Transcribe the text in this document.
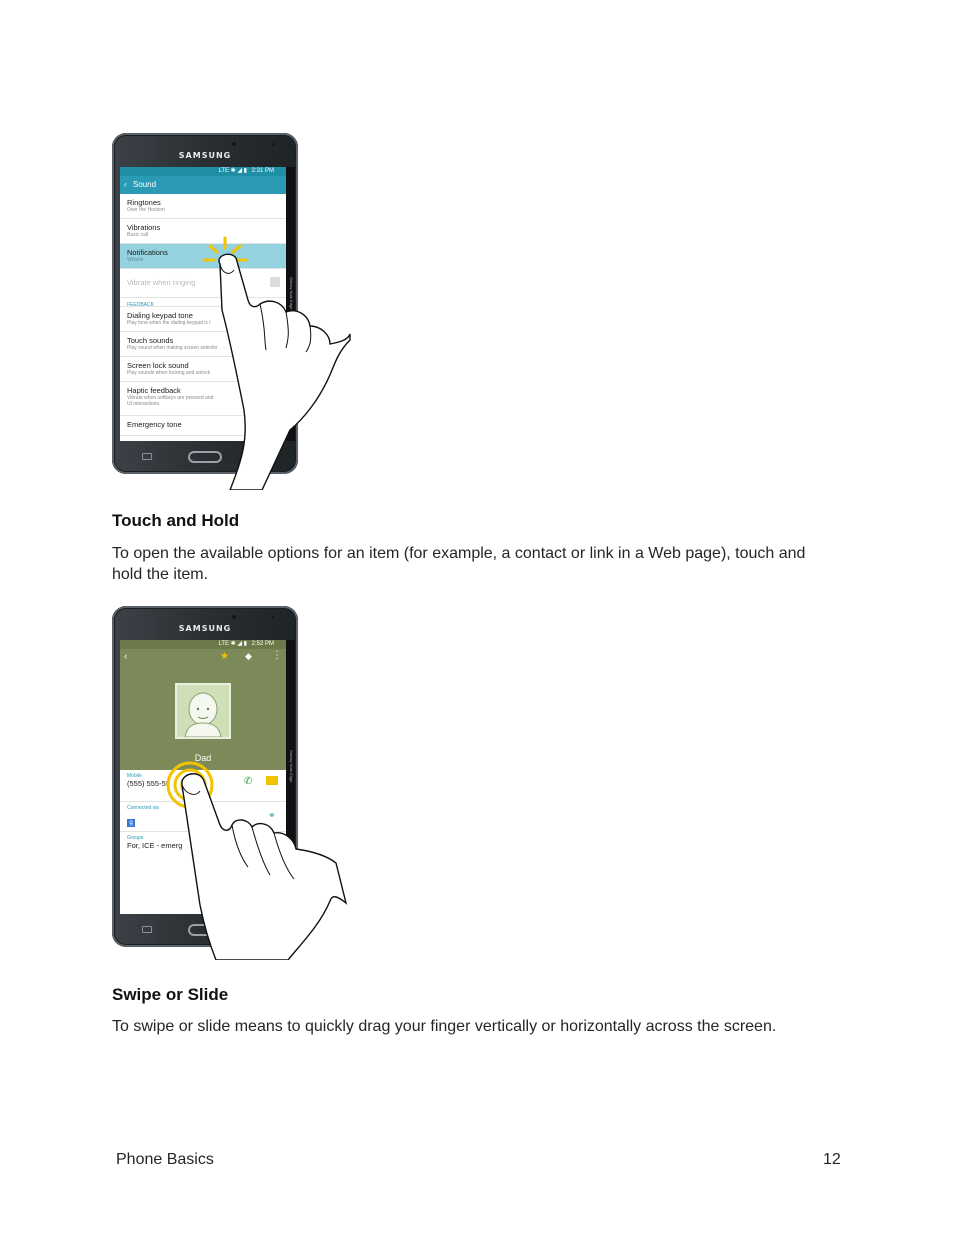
SAMSUNG
LTE ✱ ◢ ▮ 2:31 PM
‹ Sound
Ringtones
Over the Horizon
Vibrations
Basic call
Notifications
Whistle
Vibrate when ringing
FEEDBACK
Dialing keypad tone
Play tone when the dialing keypad is t
Touch sounds
Play sound when making screen selectio
Screen lock sound
Play sounds when locking and unlock
Haptic feedback
Vibrate when softkeys are pressed and
UI interactions.
Emergency tone
Galaxy Note Edge
Touch and Hold

To open the available options for an item (for example, a contact or link in a Web page), touch and hold the item.

SAMSUNG
LTE ✱ ◢ ▮ 2:52 PM
‹	★ ◆ ⋮
Dad
Mobile
(555) 555-55	✆
Connected via
g
⚭
Groups
For, ICE - emerg
Galaxy Note Edge
Swipe or Slide

To swipe or slide means to quickly drag your finger vertically or horizontally across the screen.

Phone Basics	12
